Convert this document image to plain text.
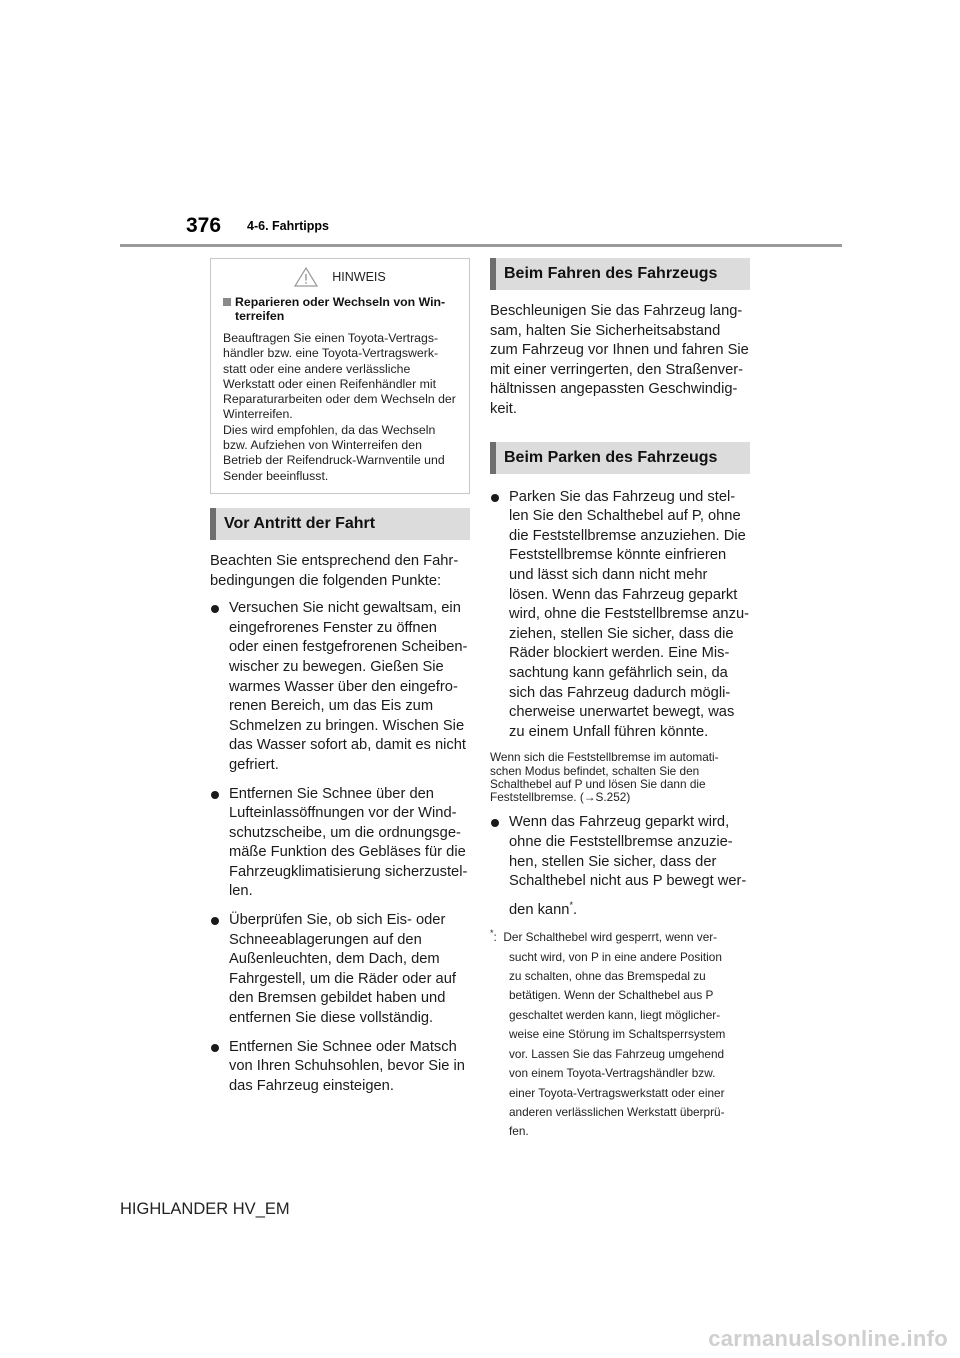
376 4-6. Fahrtipps
HINWEIS
Reparieren oder Wechseln von Win-
terreifen
Beauftragen Sie einen Toyota-Vertrags-
händler bzw. eine Toyota-Vertragswerk-
statt oder eine andere verlässliche
Werkstatt oder einen Reifenhändler mit
Reparaturarbeiten oder dem Wechseln der
Winterreifen.
Dies wird empfohlen, da das Wechseln
bzw. Aufziehen von Winterreifen den
Betrieb der Reifendruck-Warnventile und
Sender beeinflusst.
Vor Antritt der Fahrt
Beachten Sie entsprechend den Fahr-
bedingungen die folgenden Punkte:
Versuchen Sie nicht gewaltsam, ein
eingefrorenes Fenster zu öffnen
oder einen festgefrorenen Scheiben-
wischer zu bewegen. Gießen Sie
warmes Wasser über den eingefro-
renen Bereich, um das Eis zum
Schmelzen zu bringen. Wischen Sie
das Wasser sofort ab, damit es nicht
gefriert.
Entfernen Sie Schnee über den
Lufteinlassöffnungen vor der Wind-
schutzscheibe, um die ordnungsge-
mäße Funktion des Gebläses für die
Fahrzeugklimatisierung sicherzustel-
len.
Überprüfen Sie, ob sich Eis- oder
Schneeablagerungen auf den
Außenleuchten, dem Dach, dem
Fahrgestell, um die Räder oder auf
den Bremsen gebildet haben und
entfernen Sie diese vollständig.
Entfernen Sie Schnee oder Matsch
von Ihren Schuhsohlen, bevor Sie in
das Fahrzeug einsteigen.
Beim Fahren des Fahrzeugs
Beschleunigen Sie das Fahrzeug lang-
sam, halten Sie Sicherheitsabstand
zum Fahrzeug vor Ihnen und fahren Sie
mit einer verringerten, den Straßenver-
hältnissen angepassten Geschwindig-
keit.
Beim Parken des Fahrzeugs
Parken Sie das Fahrzeug und stel-
len Sie den Schalthebel auf P, ohne
die Feststellbremse anzuziehen. Die
Feststellbremse könnte einfrieren
und lässt sich dann nicht mehr
lösen. Wenn das Fahrzeug geparkt
wird, ohne die Feststellbremse anzu-
ziehen, stellen Sie sicher, dass die
Räder blockiert werden. Eine Mis-
sachtung kann gefährlich sein, da
sich das Fahrzeug dadurch mögli-
cherweise unerwartet bewegt, was
zu einem Unfall führen könnte.
Wenn sich die Feststellbremse im automati-
schen Modus befindet, schalten Sie den
Schalthebel auf P und lösen Sie dann die
Feststellbremse. (→S.252)
Wenn das Fahrzeug geparkt wird,
ohne die Feststellbremse anzuzie-
hen, stellen Sie sicher, dass der
Schalthebel nicht aus P bewegt wer-
den kann*.
*: Der Schalthebel wird gesperrt, wenn ver-
sucht wird, von P in eine andere Position
zu schalten, ohne das Bremspedal zu
betätigen. Wenn der Schalthebel aus P
geschaltet werden kann, liegt möglicher-
weise eine Störung im Schaltsperrsystem
vor. Lassen Sie das Fahrzeug umgehend
von einem Toyota-Vertragshändler bzw.
einer Toyota-Vertragswerkstatt oder einer
anderen verlässlichen Werkstatt überprü-
fen.
HIGHLANDER HV_EM
carmanualsonline.info
